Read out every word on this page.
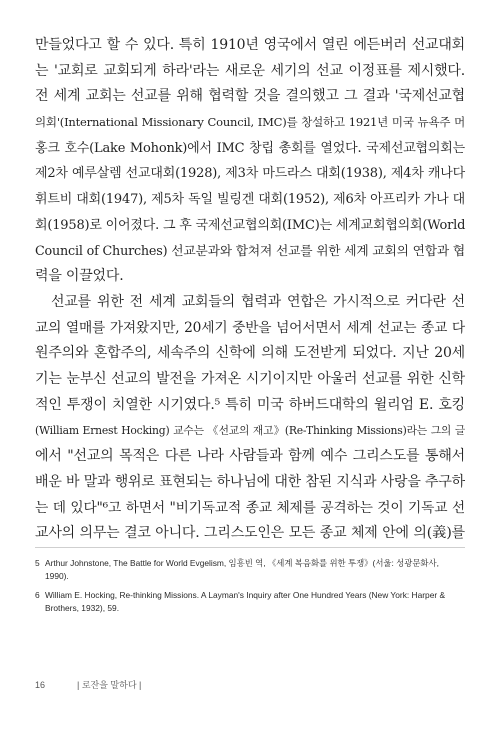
만들었다고 할 수 있다. 특히 1910년 영국에서 열린 에든버러 선교대회
는 '교회로 교회되게 하라'라는 새로운 세기의 선교 이정표를 제시했다.
전 세계 교회는 선교를 위해 협력할 것을 결의했고 그 결과 '국제선교협
의회'(International Missionary Council, IMC)를 창설하고 1921년 미국 뉴욕주 머
홍크 호수(Lake Mohonk)에서 IMC 창립 총회를 열었다. 국제선교협의회는
제2차 예루살렘 선교대회(1928), 제3차 마드라스 대회(1938), 제4차 캐나다
휘트비 대회(1947), 제5차 독일 빌링겐 대회(1952), 제6차 아프리카 가나 대
회(1958)로 이어졌다. 그 후 국제선교협의회(IMC)는 세계교회협의회(World
Council of Churches) 선교분과와 합쳐져 선교를 위한 세계 교회의 연합과 협
력을 이끌었다.
선교를 위한 전 세계 교회들의 협력과 연합은 가시적으로 커다란 선
교의 열매를 가져왔지만, 20세기 중반을 넘어서면서 세계 선교는 종교 다
원주의와 혼합주의, 세속주의 신학에 의해 도전받게 되었다. 지난 20세
기는 눈부신 선교의 발전을 가져온 시기이지만 아울러 선교를 위한 신학
적인 투쟁이 치열한 시기였다.⁵ 특히 미국 하버드대학의 윌리엄 E. 호킹
(William Ernest Hocking) 교수는 《선교의 재고》(Re-Thinking Missions)라는 그의 글
에서 "선교의 목적은 다른 나라 사람들과 함께 예수 그리스도를 통해서
배운 바 말과 행위로 표현되는 하나님에 대한 참된 지식과 사랑을 추구하
는 데 있다"⁶고 하면서 "비기독교적 종교 체제를 공격하는 것이 기독교 선
교사의 의무는 결코 아니다. 그리스도인은 모든 종교 체제 안에 의(義)를
5 Arthur Johnstone, The Battle for World Evgelism, 임흥빈 역, 《세계 복음화를 위한 투쟁》(서울: 성광문화사,
1990).
6 William E. Hocking, Re-thinking Missions. A Layman's Inquiry after One Hundred Years (New York: Harper &
Brothers, 1932), 59.
16	| 로잔을 말하다 |
